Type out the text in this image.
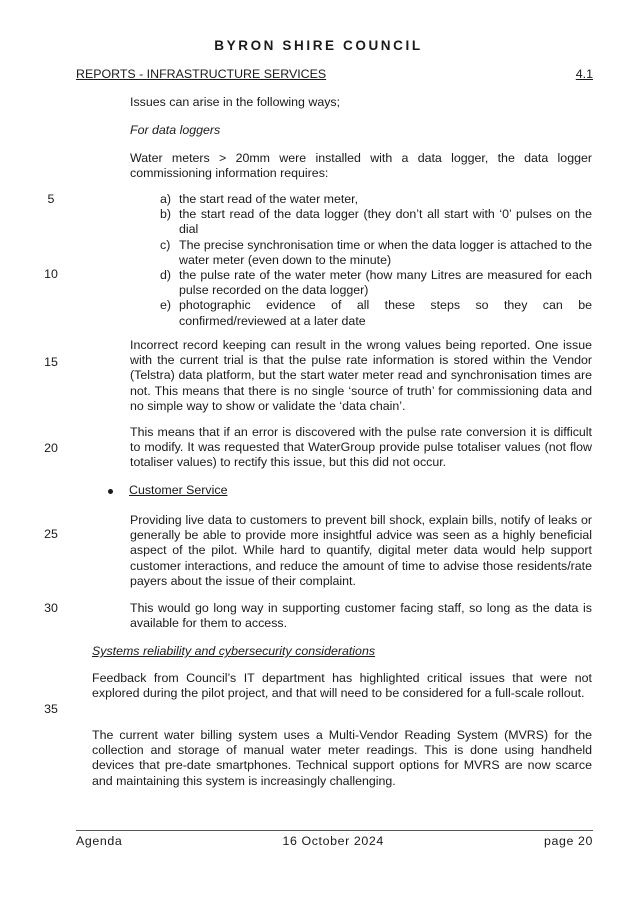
BYRON SHIRE COUNCIL
REPORTS - INFRASTRUCTURE SERVICES	4.1
Issues can arise in the following ways;
For data loggers
Water meters > 20mm were installed with a data logger, the data logger commissioning information requires:
a) the start read of the water meter,
b) the start read of the data logger (they don’t all start with ‘0’ pulses on the dial
c) The precise synchronisation time or when the data logger is attached to the water meter (even down to the minute)
d) the pulse rate of the water meter (how many Litres are measured for each pulse recorded on the data logger)
e) photographic evidence of all these steps so they can be confirmed/reviewed at a later date
Incorrect record keeping can result in the wrong values being reported. One issue with the current trial is that the pulse rate information is stored within the Vendor (Telstra) data platform, but the start water meter read and synchronisation times are not. This means that there is no single ‘source of truth’ for commissioning data and no simple way to show or validate the ‘data chain’.
This means that if an error is discovered with the pulse rate conversion it is difficult to modify. It was requested that WaterGroup provide pulse totaliser values (not flow totaliser values) to rectify this issue, but this did not occur.
Customer Service
Providing live data to customers to prevent bill shock, explain bills, notify of leaks or generally be able to provide more insightful advice was seen as a highly beneficial aspect of the pilot. While hard to quantify, digital meter data would help support customer interactions, and reduce the amount of time to advise those residents/rate payers about the issue of their complaint.
This would go long way in supporting customer facing staff, so long as the data is available for them to access.
Systems reliability and cybersecurity considerations
Feedback from Council’s IT department has highlighted critical issues that were not explored during the pilot project, and that will need to be considered for a full-scale rollout.
The current water billing system uses a Multi-Vendor Reading System (MVRS) for the collection and storage of manual water meter readings. This is done using handheld devices that pre-date smartphones. Technical support options for MVRS are now scarce and maintaining this system is increasingly challenging.
5
10
15
20
25
30
35
Agenda	16 October 2024	page 20
